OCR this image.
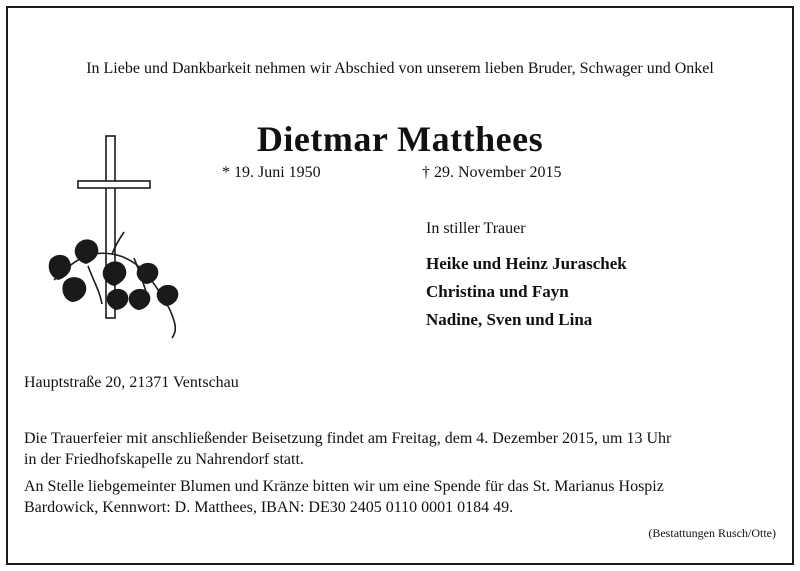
In Liebe und Dankbarkeit nehmen wir Abschied von unserem lieben Bruder, Schwager und Onkel
Dietmar Matthees
* 19. Juni 1950	† 29. November 2015
In stiller Trauer
Heike und Heinz Juraschek
Christina und Fayn
Nadine, Sven und Lina
Hauptstraße 20, 21371 Ventschau
Die Trauerfeier mit anschließender Beisetzung findet am Freitag, dem 4. Dezember 2015, um 13 Uhr
in der Friedhofskapelle zu Nahrendorf statt.
An Stelle liebgemeinter Blumen und Kränze bitten wir um eine Spende für das St. Marianus Hospiz
Bardowick, Kennwort: D. Matthees, IBAN: DE30 2405 0110 0001 0184 49.
(Bestattungen Rusch/Otte)
